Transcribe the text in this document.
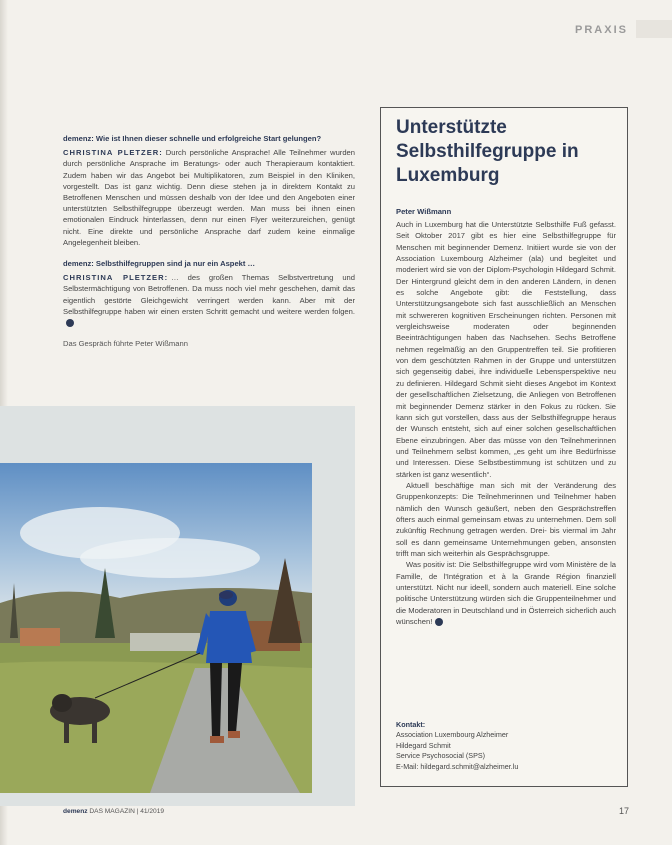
PRAXIS
demenz: Wie ist Ihnen dieser schnelle und erfolgreiche Start gelungen?

CHRISTINA PLETZER: Durch persönliche Ansprache! Alle Teilnehmer wurden durch persönliche Ansprache im Beratungs- oder auch Therapieraum kontaktiert. Zudem haben wir das Angebot bei Multiplikatoren, zum Beispiel in den Kliniken, vorgestellt. Das ist ganz wichtig. Denn diese stehen ja in direktem Kontakt zu Betroffenen Menschen und müssen deshalb von der Idee und den Angeboten einer unterstützten Selbsthilfegruppe überzeugt werden. Man muss bei ihnen einen emotionalen Eindruck hinterlassen, denn nur einen Flyer weiterzureichen, genügt nicht. Eine direkte und persönliche Ansprache darf zudem keine einmalige Angelegenheit bleiben.

demenz: Selbsthilfegruppen sind ja nur ein Aspekt …

CHRISTINA PLETZER: … des großen Themas Selbstvertretung und Selbstermächtigung von Betroffenen. Da muss noch viel mehr geschehen, damit das eigentlich gestörte Gleichgewicht verringert werden kann. Aber mit der Selbsthilfegruppe haben wir einen ersten Schritt gemacht und weitere werden folgen.

Das Gespräch führte Peter Wißmann
demenz DAS MAGAZIN | 41/2019
Unterstützte Selbsthilfegruppe in Luxemburg
Peter Wißmann

Auch in Luxemburg hat die Unterstützte Selbsthilfe Fuß gefasst. Seit Oktober 2017 gibt es hier eine Selbsthilfegruppe für Menschen mit beginnender Demenz. Initiiert wurde sie von der Association Luxembourg Alzheimer (ala) und begleitet und moderiert wird sie von der Diplom-Psychologin Hildegard Schmit. Der Hintergrund gleicht dem in den anderen Ländern, in denen es solche Angebote gibt: die Feststellung, dass Unterstützungsangebote sich fast ausschließlich an Menschen mit schwereren kognitiven Erscheinungen richten. Personen mit vergleichsweise moderaten oder beginnenden Beeinträchtigungen haben das Nachsehen. Sechs Betroffene nehmen regelmäßig an den Gruppentreffen teil. Sie profitieren von dem geschützten Rahmen in der Gruppe und unterstützen sich gegenseitig dabei, ihre individuelle Lebensperspektive neu zu definieren. Hildegard Schmit sieht dieses Angebot im Kontext der gesellschaftlichen Zielsetzung, die Anliegen von Betroffenen mit beginnender Demenz stärker in den Fokus zu rücken. Sie kann sich gut vorstellen, dass aus der Selbsthilfegruppe heraus der Wunsch entsteht, sich auf einer solchen gesellschaftlichen Ebene einzubringen. Aber das müsse von den Teilnehmerinnen und Teilnehmern selbst kommen, „es geht um ihre Bedürfnisse und Interessen. Diese Selbstbestimmung ist schützen und zu stärken ist ganz wesentlich“.

Aktuell beschäftige man sich mit der Veränderung des Gruppenkonzepts: Die Teilnehmerinnen und Teilnehmer haben nämlich den Wunsch geäußert, neben den Gesprächstreffen öfters auch einmal gemeinsam etwas zu unternehmen. Dem soll zukünftig Rechnung getragen werden. Drei- bis viermal im Jahr soll es dann gemeinsame Unternehmungen geben, ansonsten trifft man sich weiterhin als Gesprächsgruppe.

Was positiv ist: Die Selbsthilfegruppe wird vom Ministère de la Famille, de l'Intégration et à la Grande Région finanziell unterstützt. Nicht nur ideell, sondern auch materiell. Eine solche politische Unterstützung würden sich die Gruppenteilnehmer und die Moderatoren in Deutschland und in Österreich sicherlich auch wünschen!

Kontakt:
Association Luxembourg Alzheimer
Hildegard Schmit
Service Psychosocial (SPS)
E-Mail: hildegard.schmit@alzheimer.lu
17
